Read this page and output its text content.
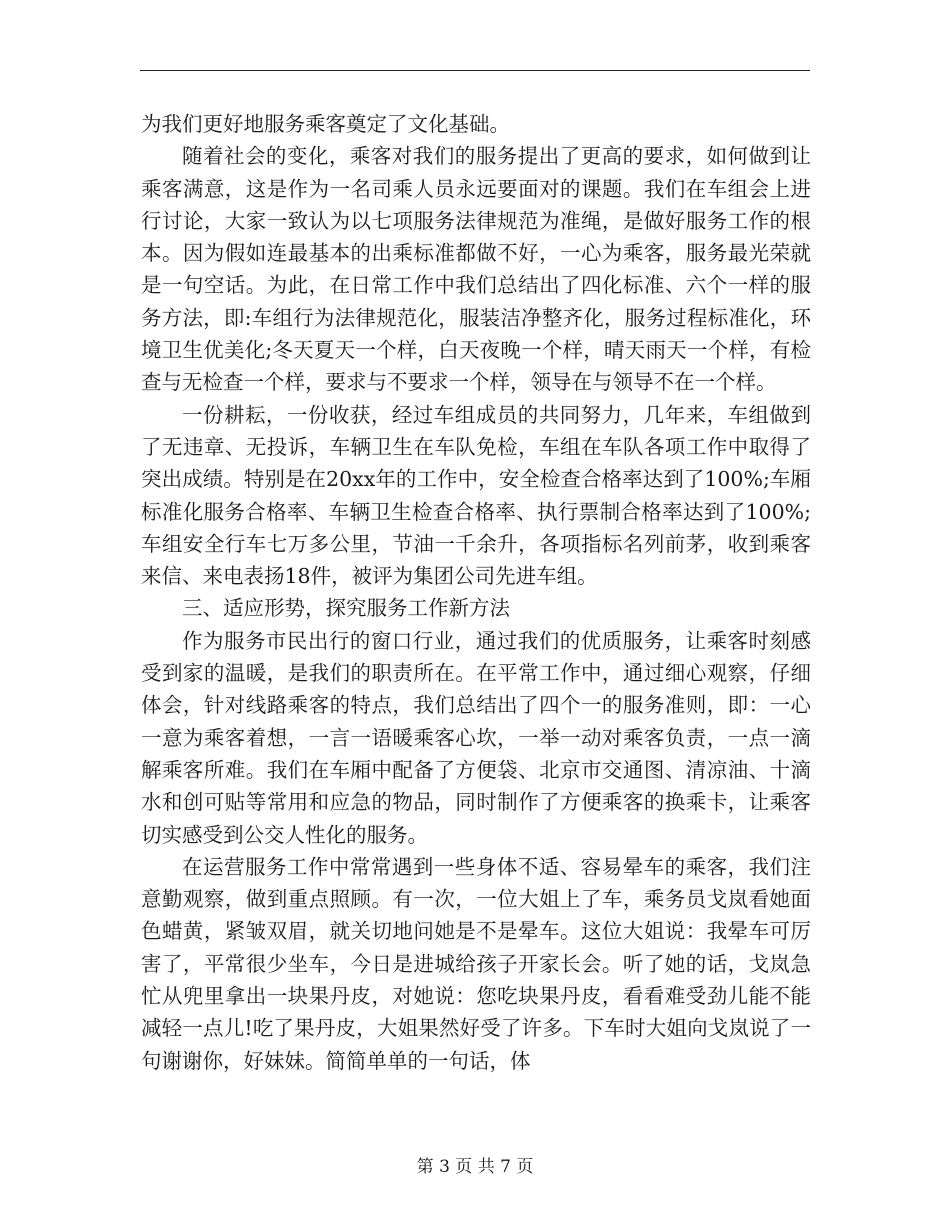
为我们更好地服务乘客奠定了文化基础。

随着社会的变化，乘客对我们的服务提出了更高的要求，如何做到让乘客满意，这是作为一名司乘人员永远要面对的课题。我们在车组会上进行讨论，大家一致认为以七项服务法律规范为准绳，是做好服务工作的根本。因为假如连最基本的出乘标准都做不好，一心为乘客，服务最光荣就是一句空话。为此，在日常工作中我们总结出了四化标准、六个一样的服务方法，即:车组行为法律规范化，服装洁净整齐化，服务过程标准化，环境卫生优美化;冬天夏天一个样，白天夜晚一个样，晴天雨天一个样，有检查与无检查一个样，要求与不要求一个样，领导在与领导不在一个样。

一份耕耘，一份收获，经过车组成员的共同努力，几年来，车组做到了无违章、无投诉，车辆卫生在车队免检，车组在车队各项工作中取得了突出成绩。特别是在20xx年的工作中，安全检查合格率达到了100%;车厢标准化服务合格率、车辆卫生检查合格率、执行票制合格率达到了100%;车组安全行车七万多公里，节油一千余升，各项指标名列前茅，收到乘客来信、来电表扬18件，被评为集团公司先进车组。

三、适应形势，探究服务工作新方法

作为服务市民出行的窗口行业，通过我们的优质服务，让乘客时刻感受到家的温暖，是我们的职责所在。在平常工作中，通过细心观察，仔细体会，针对线路乘客的特点，我们总结出了四个一的服务准则，即：一心一意为乘客着想，一言一语暖乘客心坎，一举一动对乘客负责，一点一滴解乘客所难。我们在车厢中配备了方便袋、北京市交通图、清凉油、十滴水和创可贴等常用和应急的物品，同时制作了方便乘客的换乘卡，让乘客切实感受到公交人性化的服务。

在运营服务工作中常常遇到一些身体不适、容易晕车的乘客，我们注意勤观察，做到重点照顾。有一次，一位大姐上了车，乘务员戈岚看她面色蜡黄，紧皱双眉，就关切地问她是不是晕车。这位大姐说：我晕车可厉害了，平常很少坐车，今日是进城给孩子开家长会。听了她的话，戈岚急忙从兜里拿出一块果丹皮，对她说：您吃块果丹皮，看看难受劲儿能不能减轻一点儿!吃了果丹皮，大姐果然好受了许多。下车时大姐向戈岚说了一句谢谢你，好妹妹。简简单单的一句话，体

第 3 页 共 7 页
